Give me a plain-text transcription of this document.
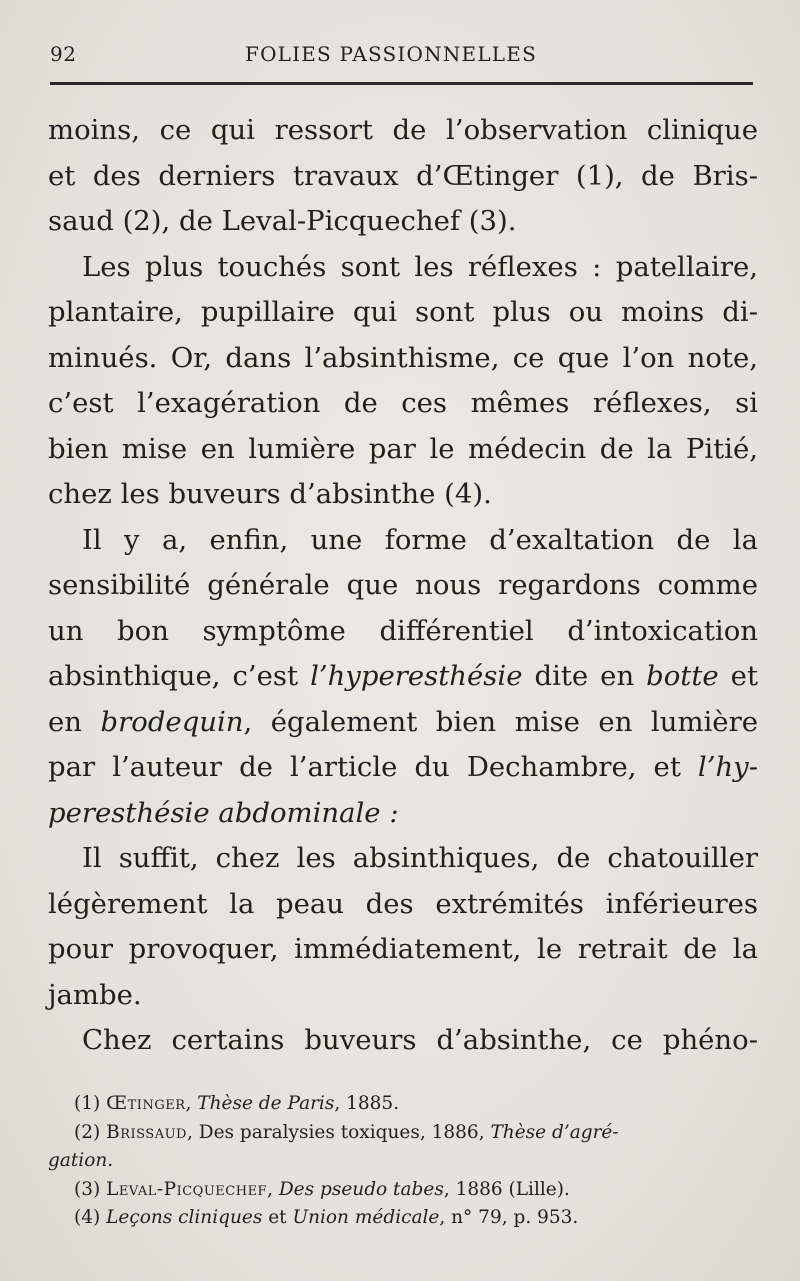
92	FOLIES PASSIONNELLES
moins, ce qui ressort de l’observation clinique
et des derniers travaux d’Œtinger (1), de Bris-
saud (2), de Leval-Picquechef (3).
Les plus touchés sont les réflexes : patellaire,
plantaire, pupillaire qui sont plus ou moins di-
minués. Or, dans l’absinthisme, ce que l’on note,
c’est l’exagération de ces mêmes réflexes, si
bien mise en lumière par le médecin de la Pitié,
chez les buveurs d’absinthe (4).
Il y a, enfin, une forme d’exaltation de la
sensibilité générale que nous regardons comme
un bon symptôme différentiel d’intoxication
absinthique, c’est l’hyperesthésie dite en botte et
en brodequin, également bien mise en lumière
par l’auteur de l’article du Dechambre, et l’hy-
peresthésie abdominale :
Il suffit, chez les absinthiques, de chatouiller
légèrement la peau des extrémités inférieures
pour provoquer, immédiatement, le retrait de la
jambe.
Chez certains buveurs d’absinthe, ce phéno-
(1) Œtinger, Thèse de Paris, 1885.
(2) Brissaud, Des paralysies toxiques, 1886, Thèse d’agré-
gation.
(3) Leval-Picquechef, Des pseudo tabes, 1886 (Lille).
(4) Leçons cliniques et Union médicale, n° 79, p. 953.
